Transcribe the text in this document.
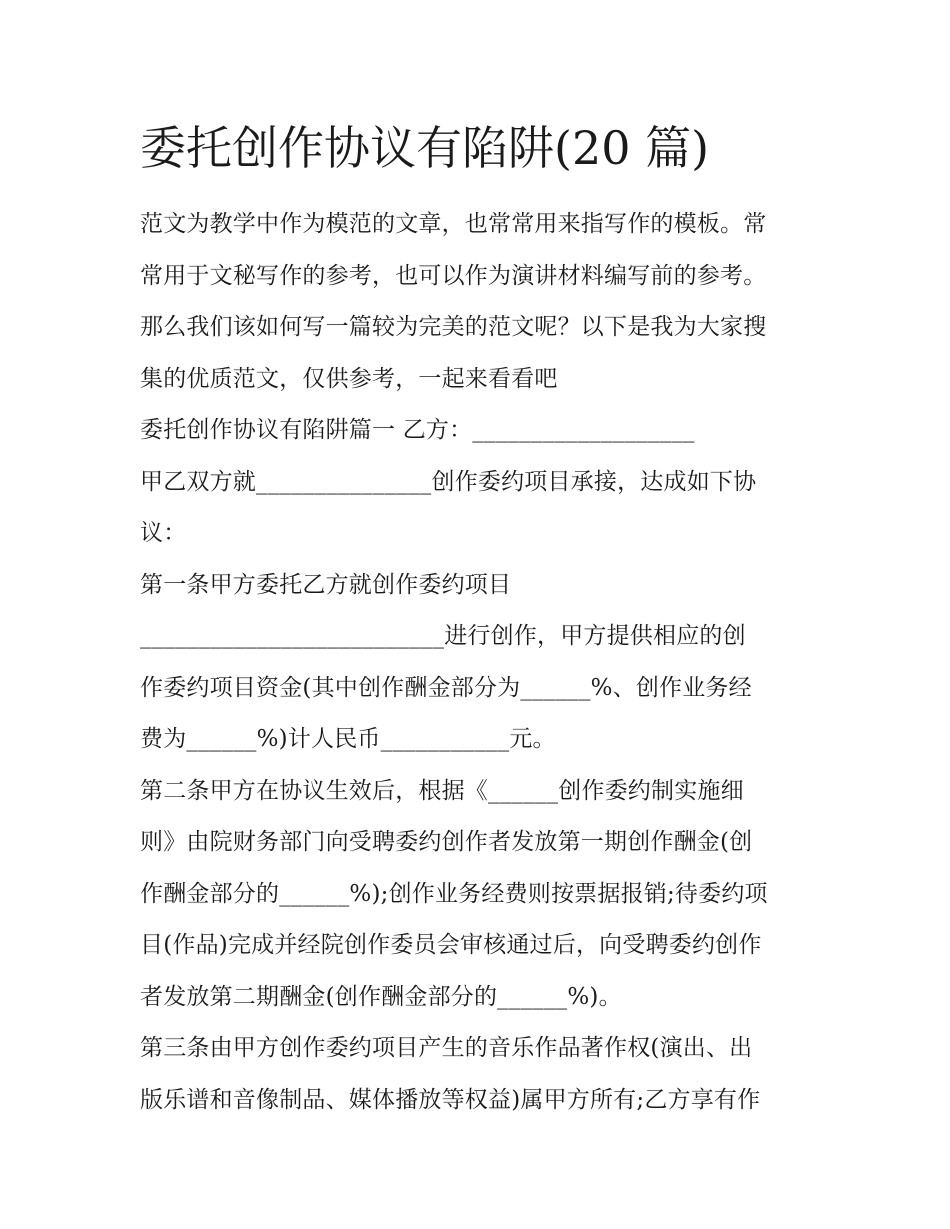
委托创作协议有陷阱(20 篇)
范文为教学中作为模范的文章，也常常用来指写作的模板。常
常用于文秘写作的参考，也可以作为演讲材料编写前的参考。
那么我们该如何写一篇较为完美的范文呢？以下是我为大家搜
集的优质范文，仅供参考，一起来看看吧
委托创作协议有陷阱篇一 乙方：___________________
甲乙双方就_______________创作委约项目承接，达成如下协
议：
第一条甲方委托乙方就创作委约项目
__________________________进行创作，甲方提供相应的创
作委约项目资金(其中创作酬金部分为______%、创作业务经
费为______%)计人民币___________元。
第二条甲方在协议生效后，根据《______创作委约制实施细
则》由院财务部门向受聘委约创作者发放第一期创作酬金(创
作酬金部分的______%);创作业务经费则按票据报销;待委约项
目(作品)完成并经院创作委员会审核通过后，向受聘委约创作
者发放第二期酬金(创作酬金部分的______%)。
第三条由甲方创作委约项目产生的音乐作品著作权(演出、出
版乐谱和音像制品、媒体播放等权益)属甲方所有;乙方享有作
